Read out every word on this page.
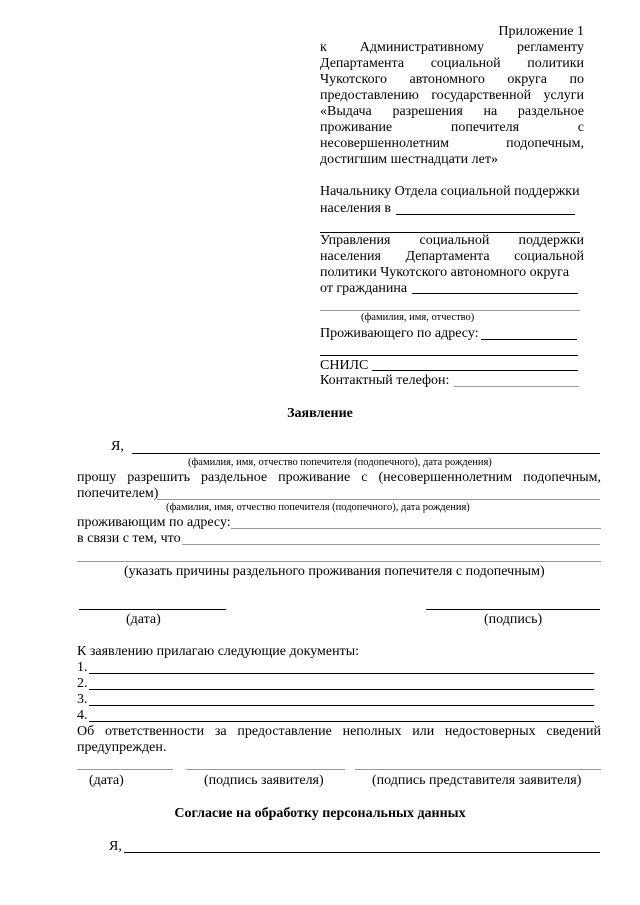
Приложение 1
к Административному регламенту
Департамента социальной политики
Чукотского автономного округа по
предоставлению государственной услуги
«Выдача разрешения на раздельное
проживание попечителя с
несовершеннолетним подопечным,
достигшим шестнадцати лет»
Начальнику Отдела социальной поддержки
населения в
Управления социальной поддержки
населения Департамента социальной
политики Чукотского автономного округа
от гражданина
(фамилия, имя, отчество)
Проживающего по адресу:
СНИЛС
Контактный телефон:
Заявление
Я,
(фамилия, имя, отчество попечителя (подопечного), дата рождения)
прошу разрешить раздельное проживание с (несовершеннолетним подопечным,
попечителем)
(фамилия, имя, отчество попечителя (подопечного), дата рождения)
проживающим по адресу:
в связи с тем, что
(указать причины раздельного проживания попечителя с подопечным)
(дата)	(подпись)
К заявлению прилагаю следующие документы:
1.
2.
3.
4.
Об ответственности за предоставление неполных или недостоверных сведений
предупрежден.
(дата)	(подпись заявителя)	(подпись представителя заявителя)
Согласие на обработку персональных данных
Я,
